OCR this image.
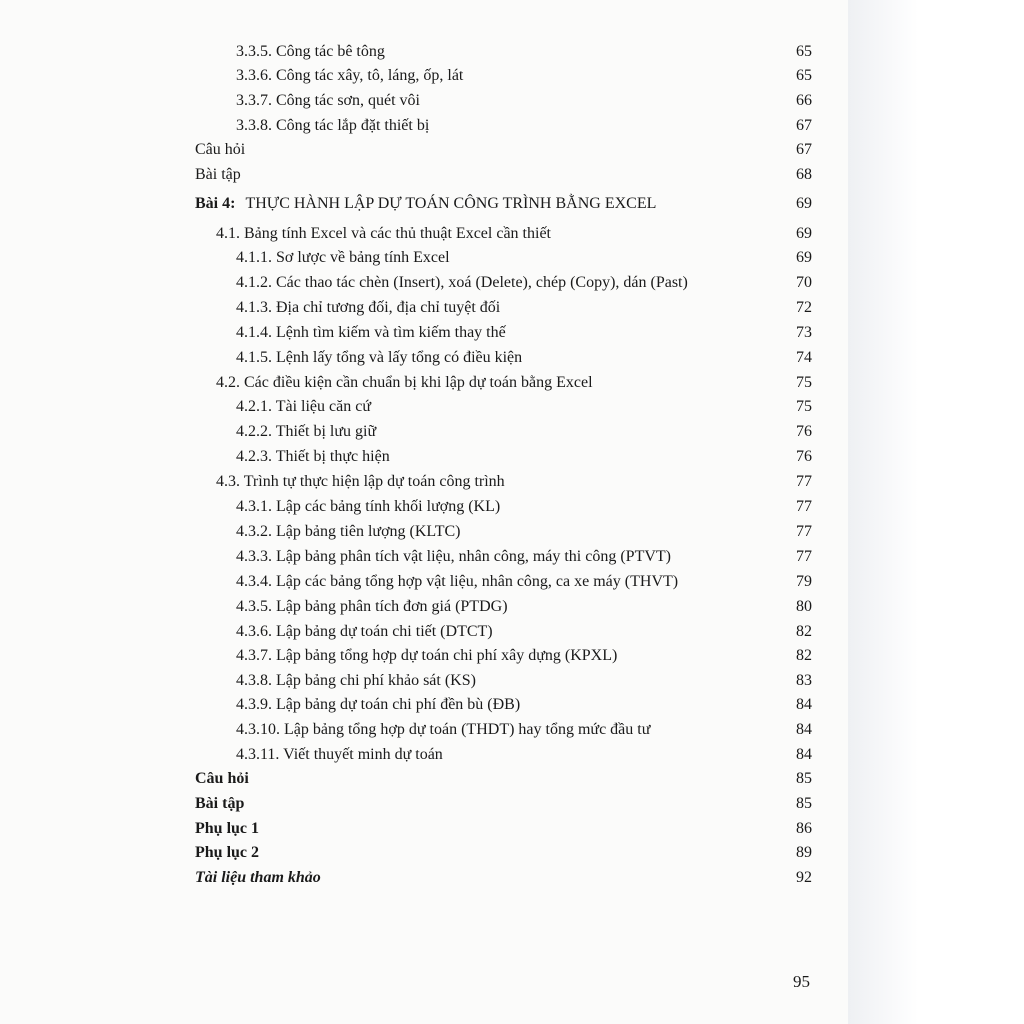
3.3.5. Công tác bê tông	65
3.3.6. Công tác xây, tô, láng, ốp, lát	65
3.3.7. Công tác sơn, quét vôi	66
3.3.8. Công tác lắp đặt thiết bị	67
Câu hỏi	67
Bài tập	68
Bài 4: THỰC HÀNH LẬP DỰ TOÁN CÔNG TRÌNH BẰNG EXCEL	69
4.1. Bảng tính Excel và các thủ thuật Excel cần thiết	69
4.1.1. Sơ lược về bảng tính Excel	69
4.1.2. Các thao tác chèn (Insert), xoá (Delete), chép (Copy), dán (Past)	70
4.1.3. Địa chỉ tương đối, địa chỉ tuyệt đối	72
4.1.4. Lệnh tìm kiếm và tìm kiếm thay thế	73
4.1.5. Lệnh lấy tổng và lấy tổng có điều kiện	74
4.2. Các điều kiện cần chuẩn bị khi lập dự toán bằng Excel	75
4.2.1. Tài liệu căn cứ	75
4.2.2. Thiết bị lưu giữ	76
4.2.3. Thiết bị thực hiện	76
4.3. Trình tự thực hiện lập dự toán công trình	77
4.3.1. Lập các bảng tính khối lượng (KL)	77
4.3.2. Lập bảng tiên lượng (KLTC)	77
4.3.3. Lập bảng phân tích vật liệu, nhân công, máy thi công (PTVT)	77
4.3.4. Lập các bảng tổng hợp vật liệu, nhân công, ca xe máy (THVT)	79
4.3.5. Lập bảng phân tích đơn giá (PTDG)	80
4.3.6. Lập bảng dự toán chi tiết (DTCT)	82
4.3.7. Lập bảng tổng hợp dự toán chi phí xây dựng (KPXL)	82
4.3.8. Lập bảng chi phí khảo sát (KS)	83
4.3.9. Lập bảng dự toán chi phí đền bù (ĐB)	84
4.3.10. Lập bảng tổng hợp dự toán (THDT) hay tổng mức đầu tư	84
4.3.11. Viết thuyết minh dự toán	84
Câu hỏi	85
Bài tập	85
Phụ lục 1	86
Phụ lục 2	89
Tài liệu tham khảo	92
95
